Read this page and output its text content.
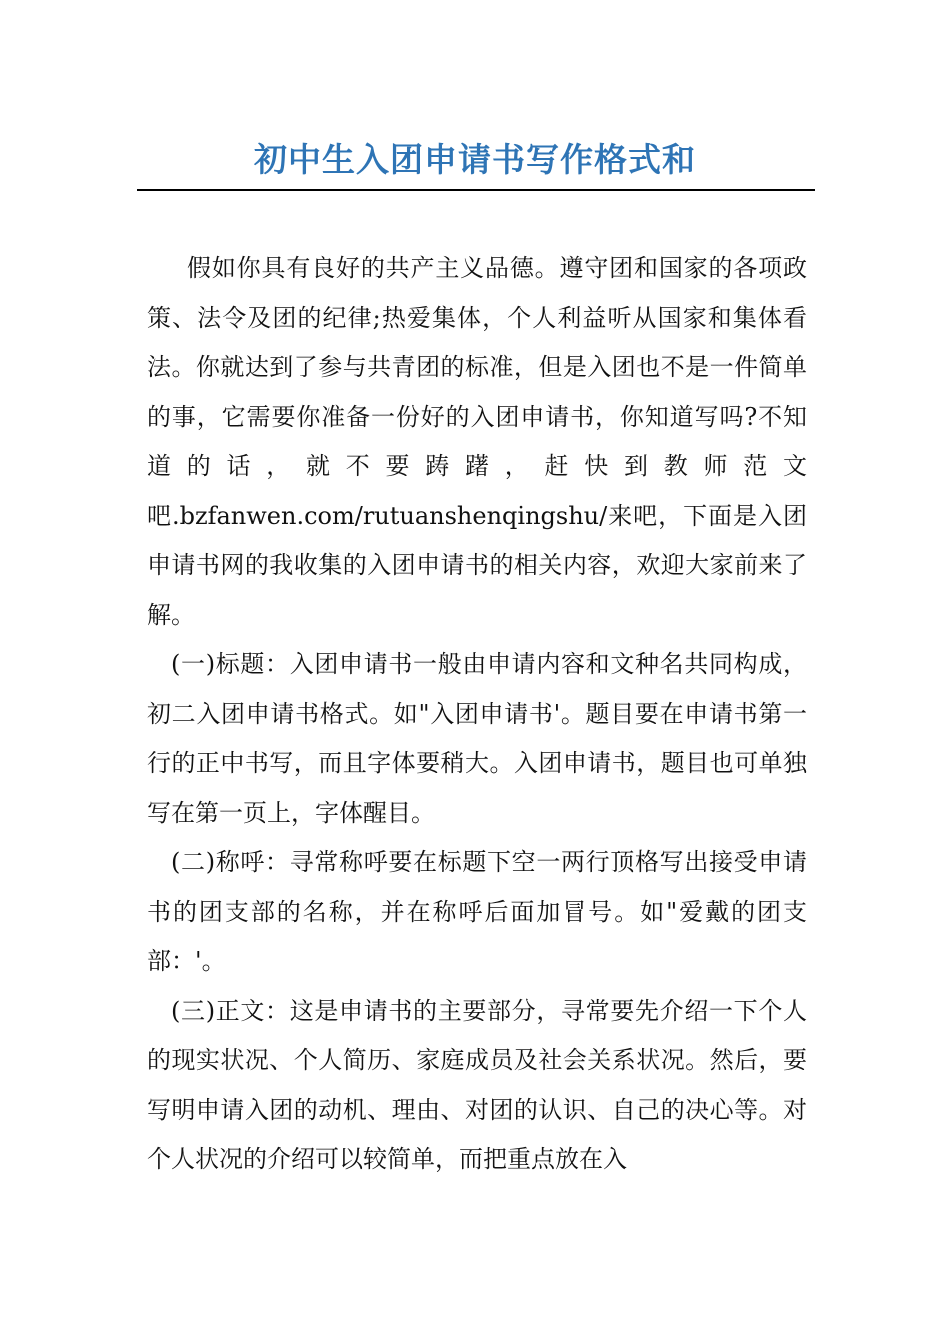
初中生入团申请书写作格式和

假如你具有良好的共产主义品德。遵守团和国家的各项政策、法令及团的纪律;热爱集体，个人利益听从国家和集体看法。你就达到了参与共青团的标准，但是入团也不是一件简单的事，它需要你准备一份好的入团申请书，你知道写吗?不知道的话，就不要踌躇，赶快到教师范文吧.bzfanwen.com/rutuanshenqingshu/来吧，下面是入团申请书网的我收集的入团申请书的相关内容，欢迎大家前来了解。

(一)标题：入团申请书一般由申请内容和文种名共同构成，初二入团申请书格式。如"入团申请书'。题目要在申请书第一行的正中书写，而且字体要稍大。入团申请书，题目也可单独写在第一页上，字体醒目。

(二)称呼：寻常称呼要在标题下空一两行顶格写出接受申请书的团支部的名称，并在称呼后面加冒号。如"爱戴的团支部：'。

(三)正文：这是申请书的主要部分，寻常要先介绍一下个人的现实状况、个人简历、家庭成员及社会关系状况。然后，要写明申请入团的动机、理由、对团的认识、自己的决心等。对个人状况的介绍可以较简单，而把重点放在入
